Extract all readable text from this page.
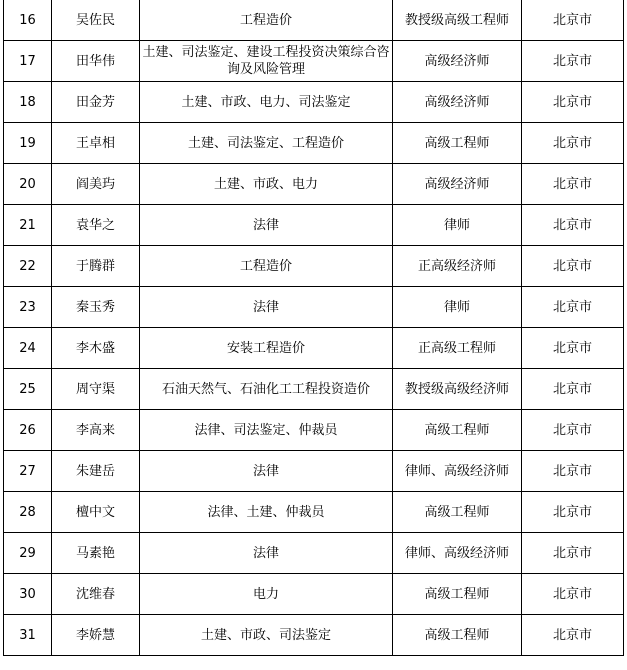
16	吴佐民	工程造价	教授级高级工程师	北京市
17	田华伟	土建、司法鉴定、建设工程投资决策综合咨询及风险管理	高级经济师	北京市
18	田金芳	土建、市政、电力、司法鉴定	高级经济师	北京市
19	王卓相	土建、司法鉴定、工程造价	高级工程师	北京市
20	阎美玙	土建、市政、电力	高级经济师	北京市
21	袁华之	法律	律师	北京市
22	于腾群	工程造价	正高级经济师	北京市
23	秦玉秀	法律	律师	北京市
24	李木盛	安装工程造价	正高级工程师	北京市
25	周守渠	石油天然气、石油化工工程投资造价	教授级高级经济师	北京市
26	李高来	法律、司法鉴定、仲裁员	高级工程师	北京市
27	朱建岳	法律	律师、高级经济师	北京市
28	檀中文	法律、土建、仲裁员	高级工程师	北京市
29	马素艳	法律	律师、高级经济师	北京市
30	沈维春	电力	高级工程师	北京市
31	李娇慧	土建、市政、司法鉴定	高级工程师	北京市
